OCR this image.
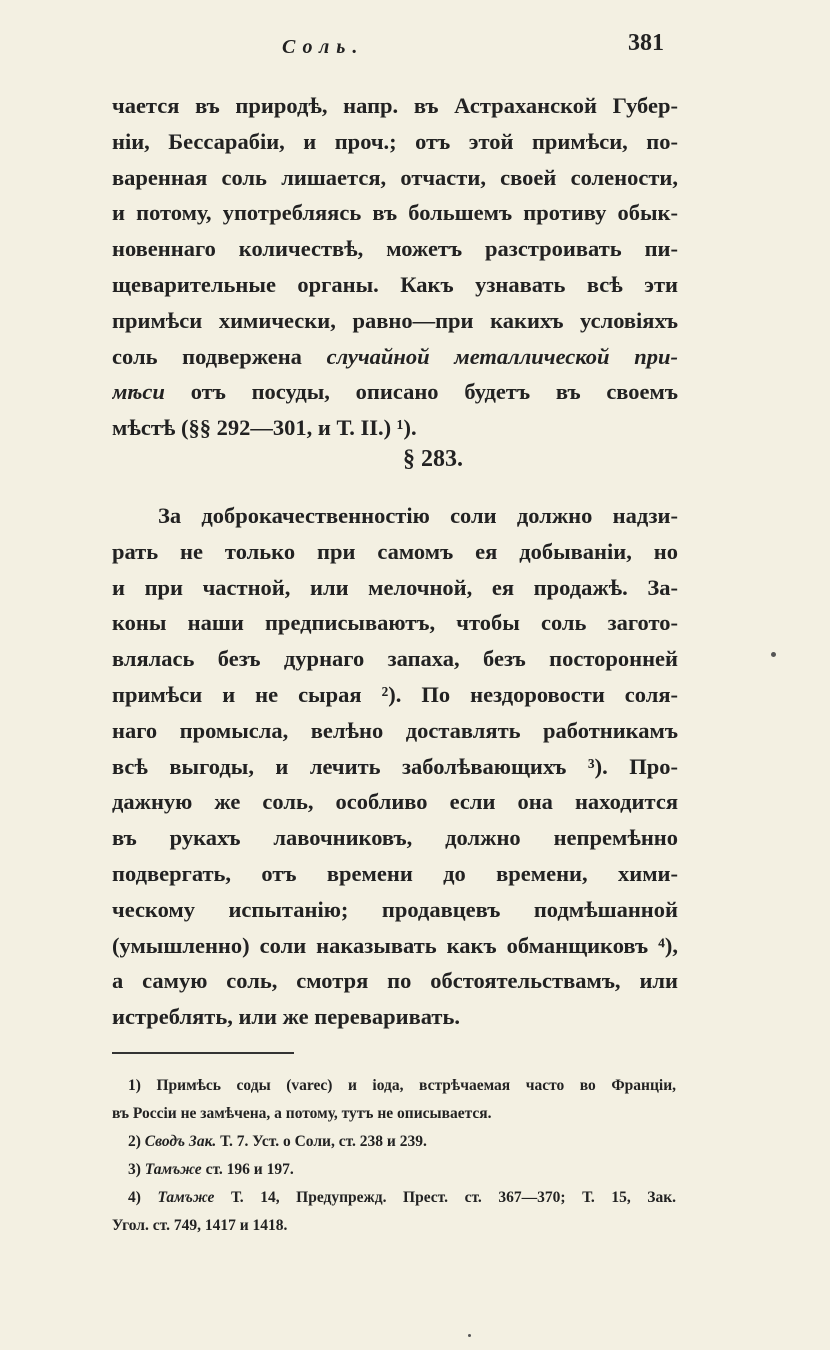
Соль.	381
чается въ природѣ, напр. въ Астраханской Губер-
ніи, Бессарабіи, и проч.; отъ этой примѣси, по-
варенная соль лишается, отчасти, своей солености,
и потому, употребляясь въ большемъ противу обык-
новеннаго количествѣ, можетъ разстроивать пи-
щеварительные органы. Какъ узнавать всѣ эти
примѣси химически, равно—при какихъ условіяхъ
соль подвержена случайной металлической при-
мѣси отъ посуды, описано будетъ въ своемъ
мѣстѣ (§§ 292—301, и Т. II.) ¹).
§ 283.
За доброкачественностію соли должно надзи-
рать не только при самомъ ея добываніи, но
и при частной, или мелочной, ея продажѣ. За-
коны наши предписываютъ, чтобы соль загото-
влялась безъ дурнаго запаха, безъ посторонней
примѣси и не сырая ²). По нездоровости соля-
наго промысла, велѣно доставлять работникамъ
всѣ выгоды, и лечить заболѣвающихъ ³). Про-
дажную же соль, особливо если она находится
въ рукахъ лавочниковъ, должно непремѣнно
подвергать, отъ времени до времени, хими-
ческому испытанію; продавцевъ подмѣшанной
(умышленно) соли наказывать какъ обманщиковъ ⁴),
а самую соль, смотря по обстоятельствамъ, или
истреблять, или же переваривать.
1) Примѣсь соды (varec) и іода, встрѣчаемая часто во Франціи,
въ Россіи не замѣчена, а потому, тутъ не описывается.
2) Сводъ Зак. Т. 7. Уст. о Соли, ст. 238 и 239.
3) Тамъже ст. 196 и 197.
4) Тамъже Т. 14, Предупрежд. Прест. ст. 367—370; Т. 15, Зак.
Угол. ст. 749, 1417 и 1418.
